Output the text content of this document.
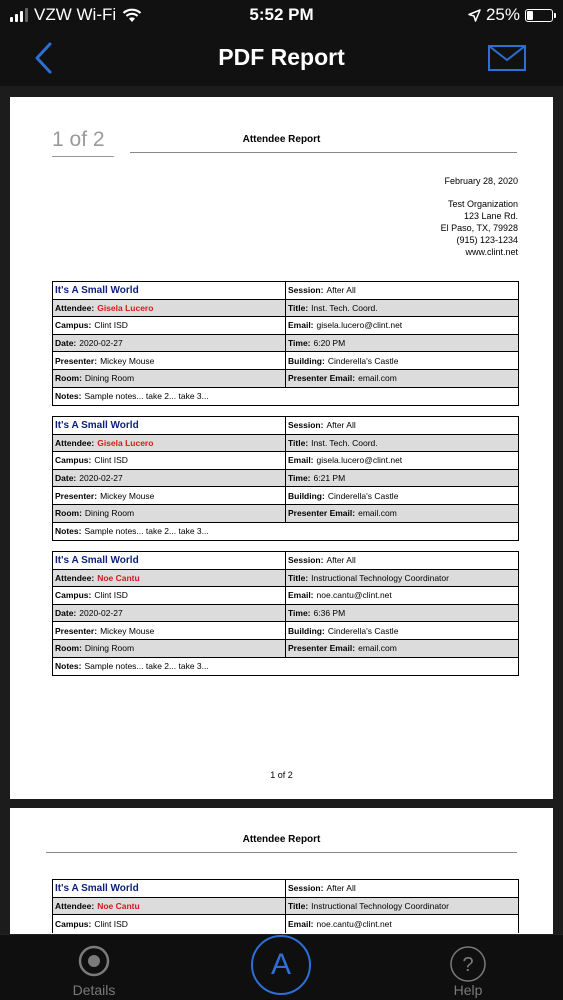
VZW Wi-Fi	5:52 PM	25%
PDF Report
1 of 2	Attendee Report
February 28, 2020
Test Organization
123 Lane Rd.
El Paso, TX, 79928
(915) 123-1234
www.clint.net
It's A Small World	Session: After All
Attendee: Gisela Lucero	Title: Inst. Tech. Coord.
Campus: Clint ISD	Email: gisela.lucero@clint.net
Date: 2020-02-27	Time: 6:20 PM
Presenter: Mickey Mouse	Building: Cinderella's Castle
Room: Dining Room	Presenter Email: email.com
Notes: Sample notes... take 2... take 3...
It's A Small World	Session: After All
Attendee: Gisela Lucero	Title: Inst. Tech. Coord.
Campus: Clint ISD	Email: gisela.lucero@clint.net
Date: 2020-02-27	Time: 6:21 PM
Presenter: Mickey Mouse	Building: Cinderella's Castle
Room: Dining Room	Presenter Email: email.com
Notes: Sample notes... take 2... take 3...
It's A Small World	Session: After All
Attendee: Noe Cantu	Title: Instructional Technology Coordinator
Campus: Clint ISD	Email: noe.cantu@clint.net
Date: 2020-02-27	Time: 6:36 PM
Presenter: Mickey Mouse	Building: Cinderella's Castle
Room: Dining Room	Presenter Email: email.com
Notes: Sample notes... take 2... take 3...
1 of 2
Attendee Report
It's A Small World	Session: After All
Attendee: Noe Cantu	Title: Instructional Technology Coordinator
Campus: Clint ISD	Email: noe.cantu@clint.net
Details
A	?
Help
